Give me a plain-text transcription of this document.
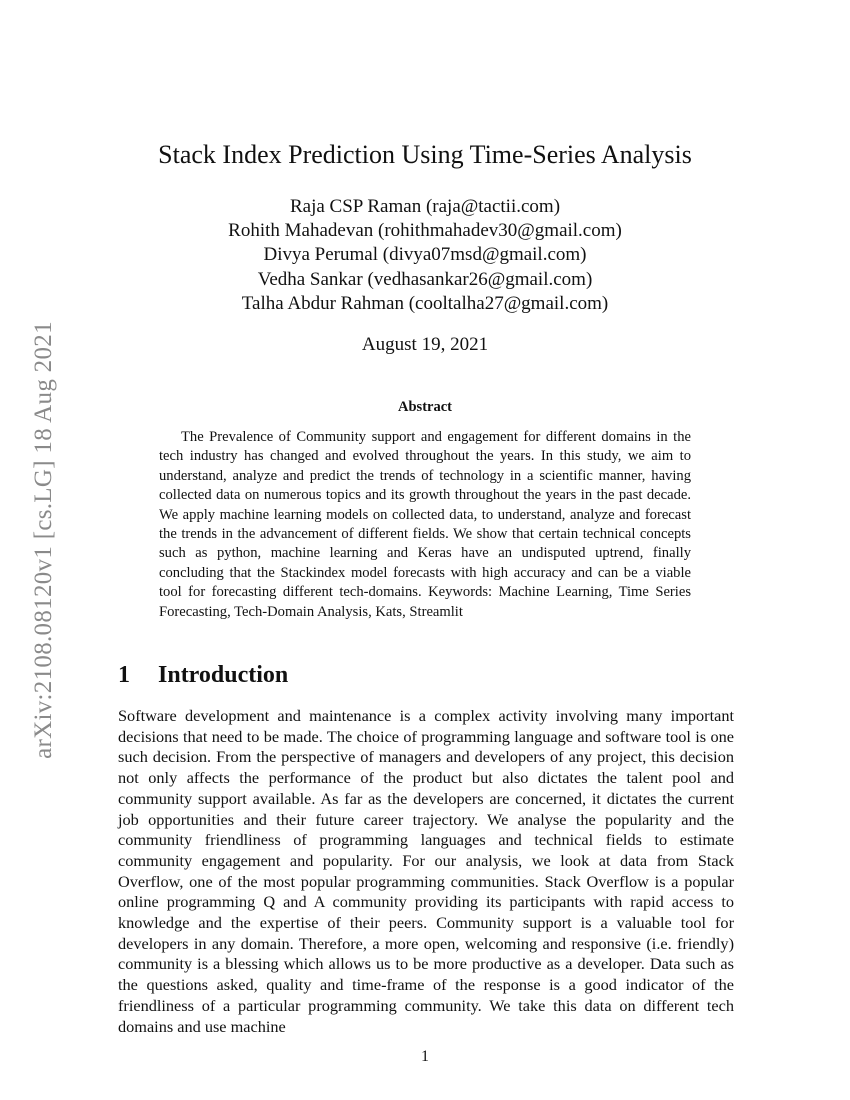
arXiv:2108.08120v1 [cs.LG] 18 Aug 2021
Stack Index Prediction Using Time-Series Analysis
Raja CSP Raman (raja@tactii.com)
Rohith Mahadevan (rohithmahadev30@gmail.com)
Divya Perumal (divya07msd@gmail.com)
Vedha Sankar (vedhasankar26@gmail.com)
Talha Abdur Rahman (cooltalha27@gmail.com)
August 19, 2021
Abstract
The Prevalence of Community support and engagement for different domains in the tech industry has changed and evolved throughout the years. In this study, we aim to understand, analyze and predict the trends of technology in a scientific manner, having collected data on numerous topics and its growth throughout the years in the past decade. We apply machine learning models on collected data, to understand, analyze and forecast the trends in the advancement of different fields. We show that certain technical concepts such as python, machine learning and Keras have an undisputed uptrend, finally concluding that the Stackindex model forecasts with high accuracy and can be a viable tool for forecasting different tech-domains. Keywords: Machine Learning, Time Series Forecasting, Tech-Domain Analysis, Kats, Streamlit
1 Introduction
Software development and maintenance is a complex activity involving many important decisions that need to be made. The choice of programming language and software tool is one such decision. From the perspective of managers and developers of any project, this decision not only affects the performance of the product but also dictates the talent pool and community support available. As far as the developers are concerned, it dictates the current job opportunities and their future career trajectory. We analyse the popularity and the community friendliness of programming languages and technical fields to estimate community engagement and popularity. For our analysis, we look at data from Stack Overflow, one of the most popular programming communities. Stack Overflow is a popular online programming Q and A community providing its participants with rapid access to knowledge and the expertise of their peers. Community support is a valuable tool for developers in any domain. Therefore, a more open, welcoming and responsive (i.e. friendly) community is a blessing which allows us to be more productive as a developer. Data such as the questions asked, quality and time-frame of the response is a good indicator of the friendliness of a particular programming community. We take this data on different tech domains and use machine
1
